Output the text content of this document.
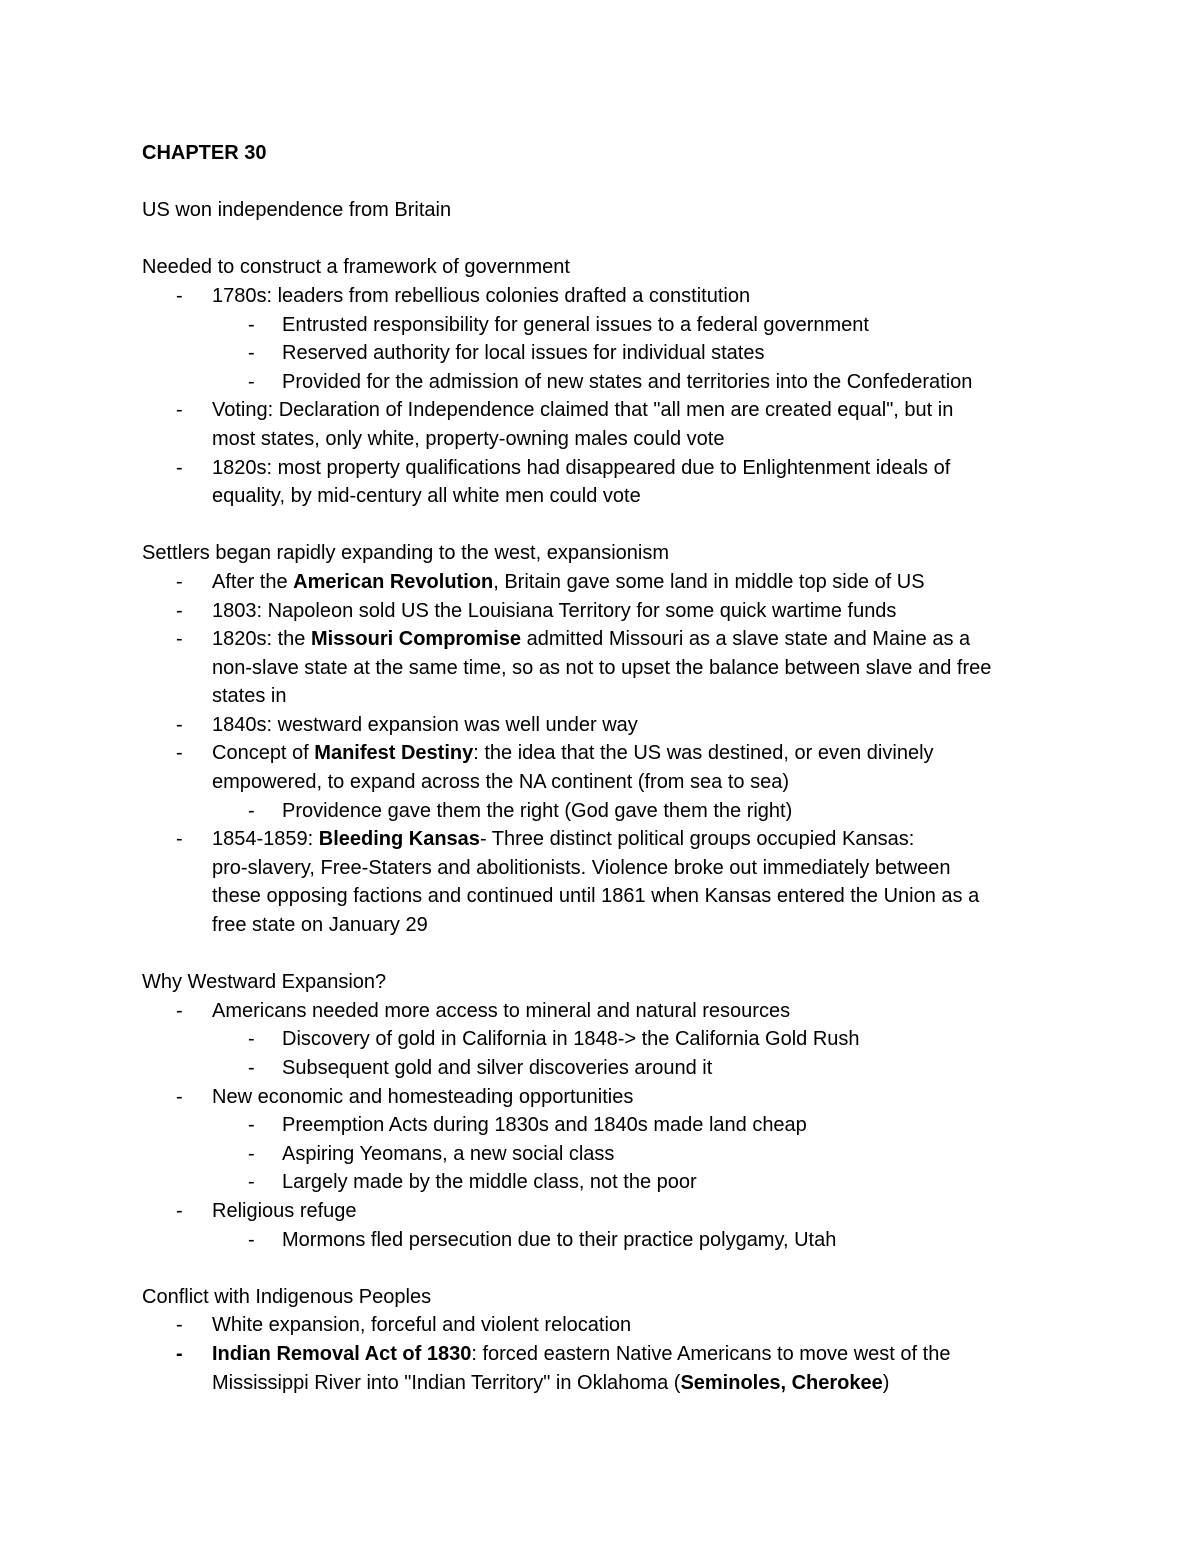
CHAPTER 30
US won independence from Britain
Needed to construct a framework of government
- 1780s: leaders from rebellious colonies drafted a constitution
- Entrusted responsibility for general issues to a federal government
- Reserved authority for local issues for individual states
- Provided for the admission of new states and territories into the Confederation
- Voting: Declaration of Independence claimed that "all men are created equal", but in
most states, only white, property-owning males could vote
- 1820s: most property qualifications had disappeared due to Enlightenment ideals of
equality, by mid-century all white men could vote
Settlers began rapidly expanding to the west, expansionism
- After the American Revolution, Britain gave some land in middle top side of US
- 1803: Napoleon sold US the Louisiana Territory for some quick wartime funds
- 1820s: the Missouri Compromise admitted Missouri as a slave state and Maine as a
non-slave state at the same time, so as not to upset the balance between slave and free
states in
- 1840s: westward expansion was well under way
- Concept of Manifest Destiny: the idea that the US was destined, or even divinely
empowered, to expand across the NA continent (from sea to sea)
- Providence gave them the right (God gave them the right)
- 1854-1859: Bleeding Kansas- Three distinct political groups occupied Kansas:
pro-slavery, Free-Staters and abolitionists. Violence broke out immediately between
these opposing factions and continued until 1861 when Kansas entered the Union as a
free state on January 29
Why Westward Expansion?
- Americans needed more access to mineral and natural resources
- Discovery of gold in California in 1848-> the California Gold Rush
- Subsequent gold and silver discoveries around it
- New economic and homesteading opportunities
- Preemption Acts during 1830s and 1840s made land cheap
- Aspiring Yeomans, a new social class
- Largely made by the middle class, not the poor
- Religious refuge
- Mormons fled persecution due to their practice polygamy, Utah
Conflict with Indigenous Peoples
- White expansion, forceful and violent relocation
- Indian Removal Act of 1830: forced eastern Native Americans to move west of the
Mississippi River into "Indian Territory" in Oklahoma (Seminoles, Cherokee)
